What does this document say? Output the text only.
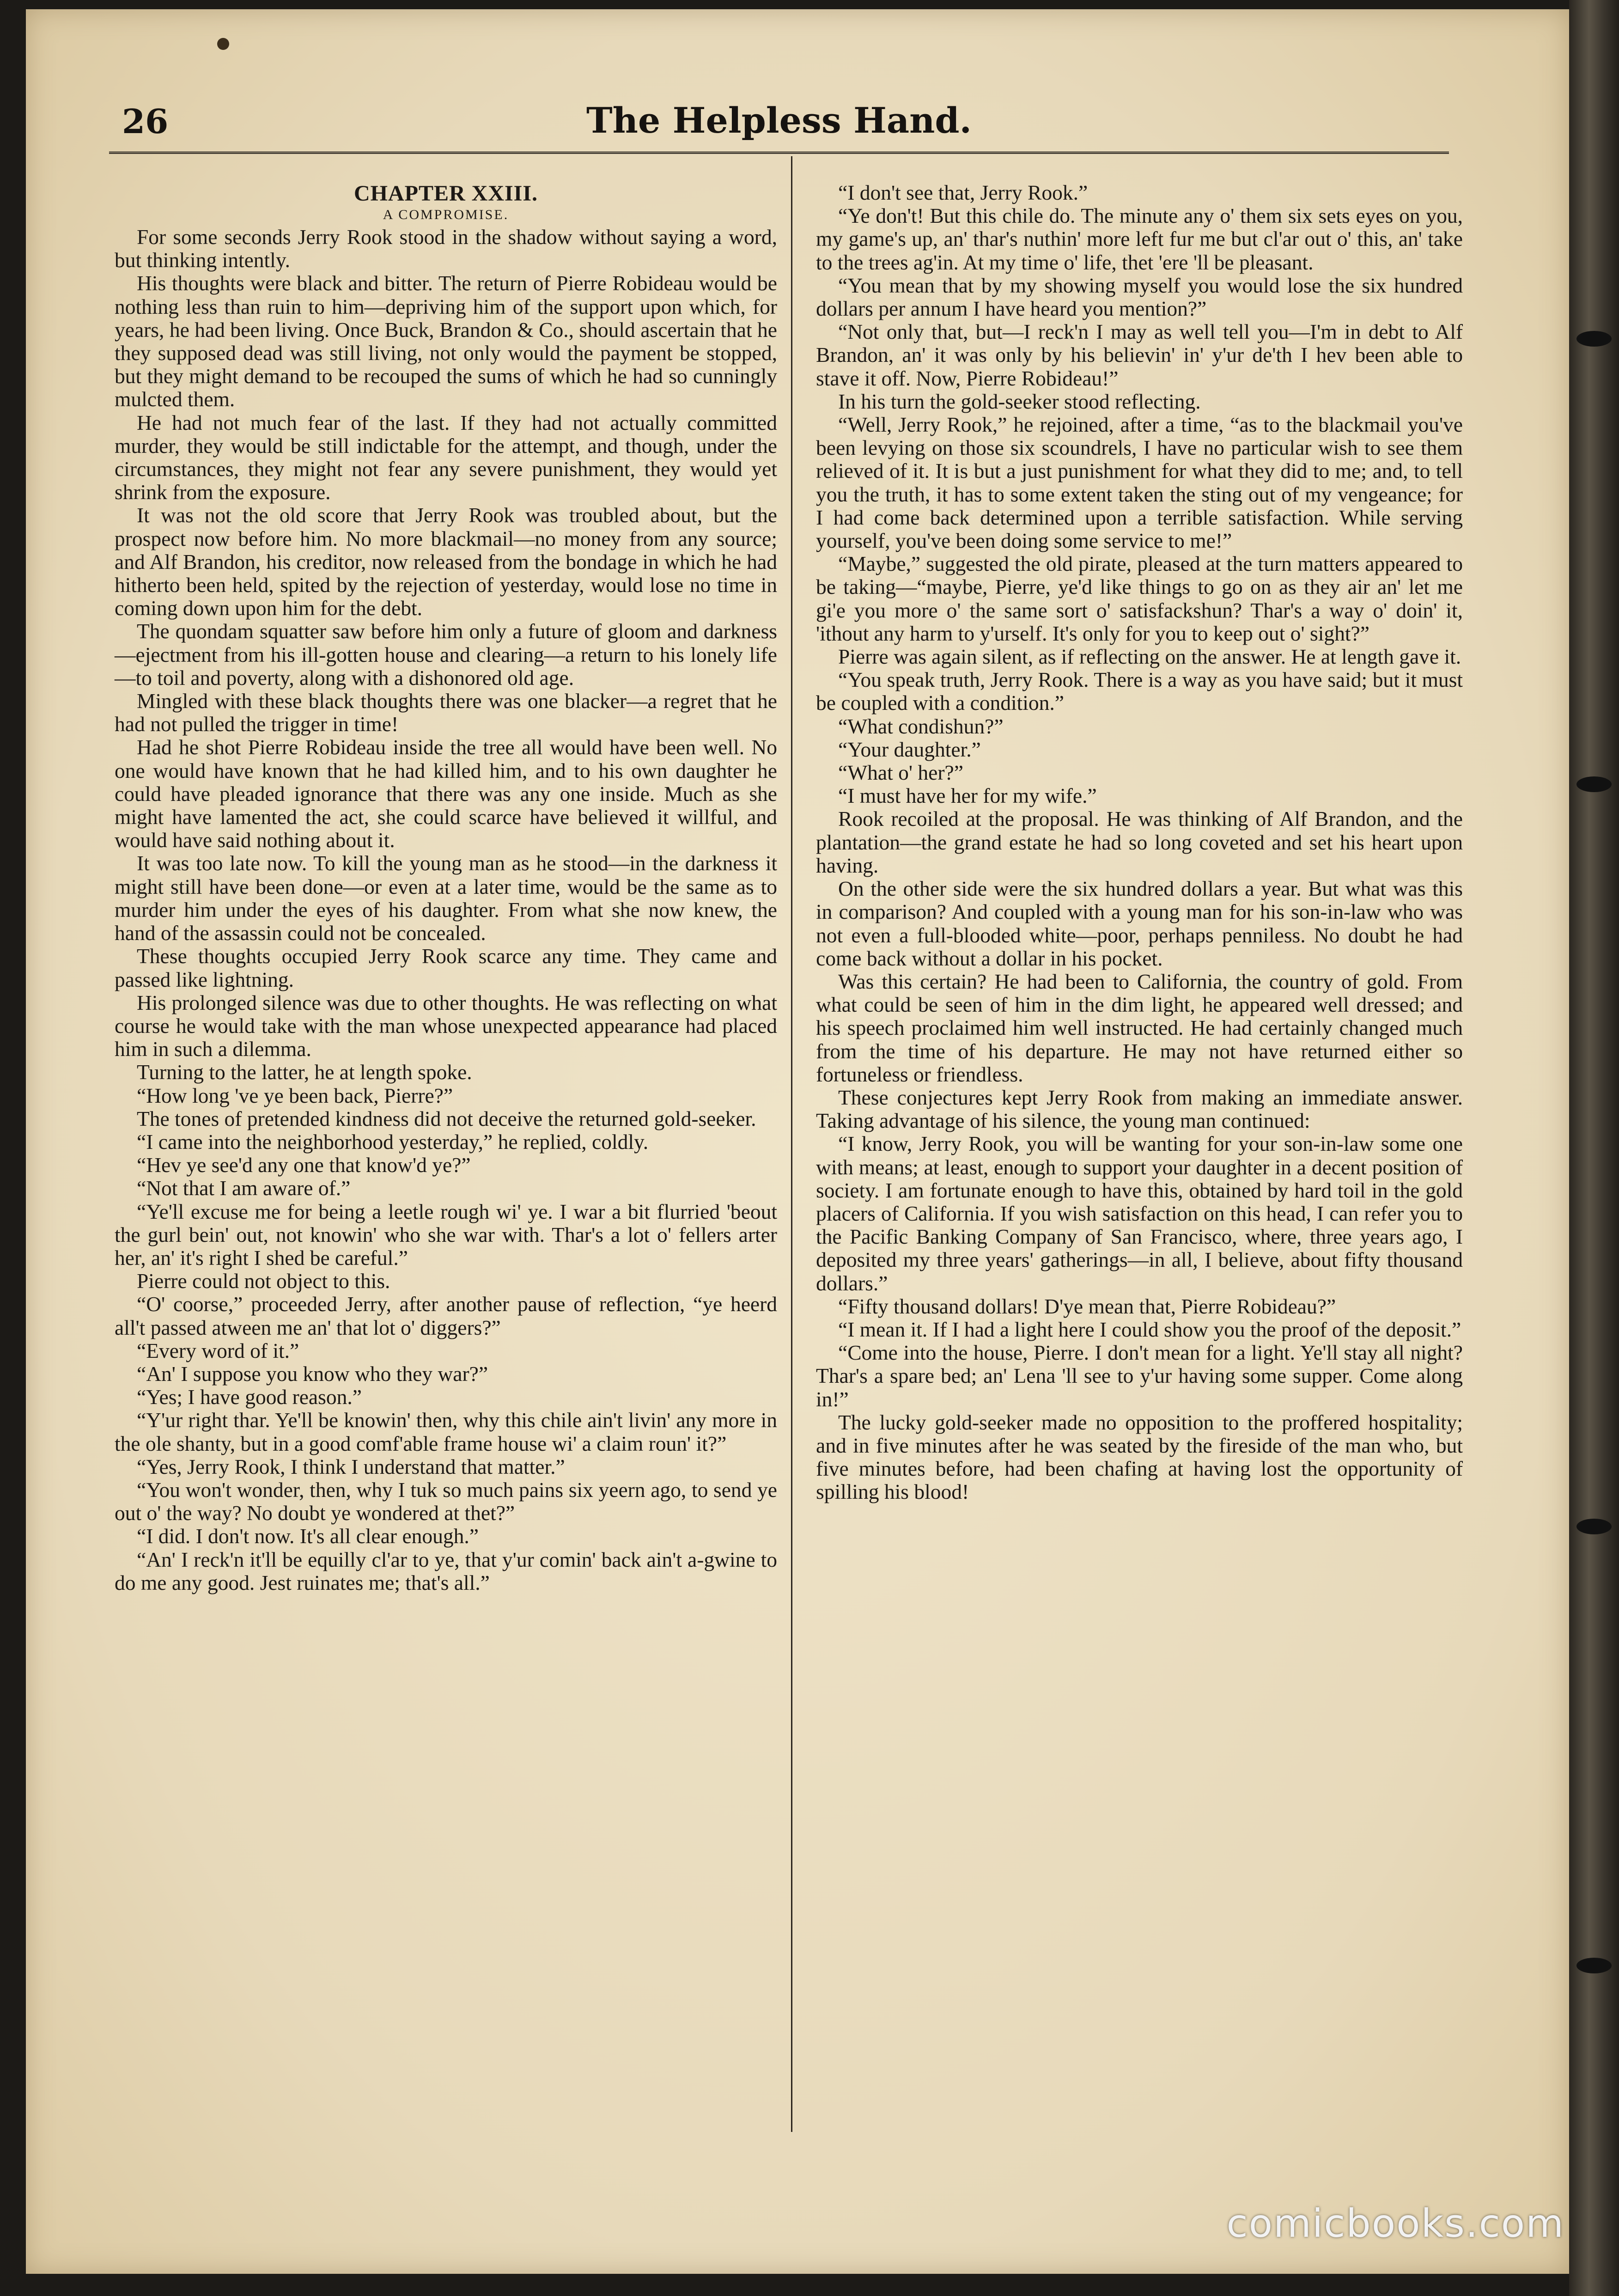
26	The Helpless Hand.
CHAPTER XXIII.
A COMPROMISE.

For some seconds Jerry Rook stood in the shadow without saying a word, but thinking intently.

His thoughts were black and bitter. The return of Pierre Robideau would be nothing less than ruin to him—depriving him of the support upon which, for years, he had been living. Once Buck, Brandon & Co., should ascertain that he they supposed dead was still living, not only would the payment be stopped, but they might demand to be recouped the sums of which he had so cunningly mulcted them.

He had not much fear of the last. If they had not actually committed murder, they would be still indictable for the attempt, and though, under the circumstances, they might not fear any severe punishment, they would yet shrink from the exposure.

It was not the old score that Jerry Rook was troubled about, but the prospect now before him. No more blackmail—no money from any source; and Alf Brandon, his creditor, now released from the bondage in which he had hitherto been held, spited by the rejection of yesterday, would lose no time in coming down upon him for the debt.

The quondam squatter saw before him only a future of gloom and darkness—ejectment from his ill-gotten house and clearing—a return to his lonely life—to toil and poverty, along with a dishonored old age.

Mingled with these black thoughts there was one blacker—a regret that he had not pulled the trigger in time!

Had he shot Pierre Robideau inside the tree all would have been well. No one would have known that he had killed him, and to his own daughter he could have pleaded ignorance that there was any one inside. Much as she might have lamented the act, she could scarce have believed it willful, and would have said nothing about it.

It was too late now. To kill the young man as he stood—in the darkness it might still have been done—or even at a later time, would be the same as to murder him under the eyes of his daughter. From what she now knew, the hand of the assassin could not be concealed.

These thoughts occupied Jerry Rook scarce any time. They came and passed like lightning.

His prolonged silence was due to other thoughts. He was reflecting on what course he would take with the man whose unexpected appearance had placed him in such a dilemma.

Turning to the latter, he at length spoke.

“How long 've ye been back, Pierre?”

The tones of pretended kindness did not deceive the returned gold-seeker.

“I came into the neighborhood yesterday,” he replied, coldly.

“Hev ye see'd any one that know'd ye?”

“Not that I am aware of.”

“Ye'll excuse me for being a leetle rough wi' ye. I war a bit flurried 'beout the gurl bein' out, not knowin' who she war with. Thar's a lot o' fellers arter her, an' it's right I shed be careful.”

Pierre could not object to this.

“O' coorse,” proceeded Jerry, after another pause of reflection, “ye heerd all't passed atween me an' that lot o' diggers?”

“Every word of it.”

“An' I suppose you know who they war?”

“Yes; I have good reason.”

“Y'ur right thar. Ye'll be knowin' then, why this chile ain't livin' any more in the ole shanty, but in a good comf'able frame house wi' a claim roun' it?”

“Yes, Jerry Rook, I think I understand that matter.”

“You won't wonder, then, why I tuk so much pains six yeern ago, to send ye out o' the way? No doubt ye wondered at thet?”

“I did. I don't now. It's all clear enough.”

“An' I reck'n it'll be equilly cl'ar to ye, that y'ur comin' back ain't a-gwine to do me any good. Jest ruinates me; that's all.”

“I don't see that, Jerry Rook.”

“Ye don't! But this chile do. The minute any o' them six sets eyes on you, my game's up, an' thar's nuthin' more left fur me but cl'ar out o' this, an' take to the trees ag'in. At my time o' life, thet 'ere 'll be pleasant.

“You mean that by my showing myself you would lose the six hundred dollars per annum I have heard you mention?”

“Not only that, but—I reck'n I may as well tell you—I'm in debt to Alf Brandon, an' it was only by his believin' in' y'ur de'th I hev been able to stave it off. Now, Pierre Robideau!”

In his turn the gold-seeker stood reflecting.

“Well, Jerry Rook,” he rejoined, after a time, “as to the blackmail you've been levying on those six scoundrels, I have no particular wish to see them relieved of it. It is but a just punishment for what they did to me; and, to tell you the truth, it has to some extent taken the sting out of my vengeance; for I had come back determined upon a terrible satisfaction. While serving yourself, you've been doing some service to me!”

“Maybe,” suggested the old pirate, pleased at the turn matters appeared to be taking—“maybe, Pierre, ye'd like things to go on as they air an' let me gi'e you more o' the same sort o' satisfackshun? Thar's a way o' doin' it, 'ithout any harm to y'urself. It's only for you to keep out o' sight?”

Pierre was again silent, as if reflecting on the answer. He at length gave it.

“You speak truth, Jerry Rook. There is a way as you have said; but it must be coupled with a condition.”

“What condishun?”

“Your daughter.”

“What o' her?”

“I must have her for my wife.”

Rook recoiled at the proposal. He was thinking of Alf Brandon, and the plantation—the grand estate he had so long coveted and set his heart upon having.

On the other side were the six hundred dollars a year. But what was this in comparison? And coupled with a young man for his son-in-law who was not even a full-blooded white—poor, perhaps penniless. No doubt he had come back without a dollar in his pocket.

Was this certain? He had been to California, the country of gold. From what could be seen of him in the dim light, he appeared well dressed; and his speech proclaimed him well instructed. He had certainly changed much from the time of his departure. He may not have returned either so fortuneless or friendless.

These conjectures kept Jerry Rook from making an immediate answer. Taking advantage of his silence, the young man continued:

“I know, Jerry Rook, you will be wanting for your son-in-law some one with means; at least, enough to support your daughter in a decent position of society. I am fortunate enough to have this, obtained by hard toil in the gold placers of California. If you wish satisfaction on this head, I can refer you to the Pacific Banking Company of San Francisco, where, three years ago, I deposited my three years' gatherings—in all, I believe, about fifty thousand dollars.”

“Fifty thousand dollars! D'ye mean that, Pierre Robideau?”

“I mean it. If I had a light here I could show you the proof of the deposit.”

“Come into the house, Pierre. I don't mean for a light. Ye'll stay all night? Thar's a spare bed; an' Lena 'll see to y'ur having some supper. Come along in!”

The lucky gold-seeker made no opposition to the proffered hospitality; and in five minutes after he was seated by the fireside of the man who, but five minutes before, had been chafing at having lost the opportunity of spilling his blood!

comicbooks.com
